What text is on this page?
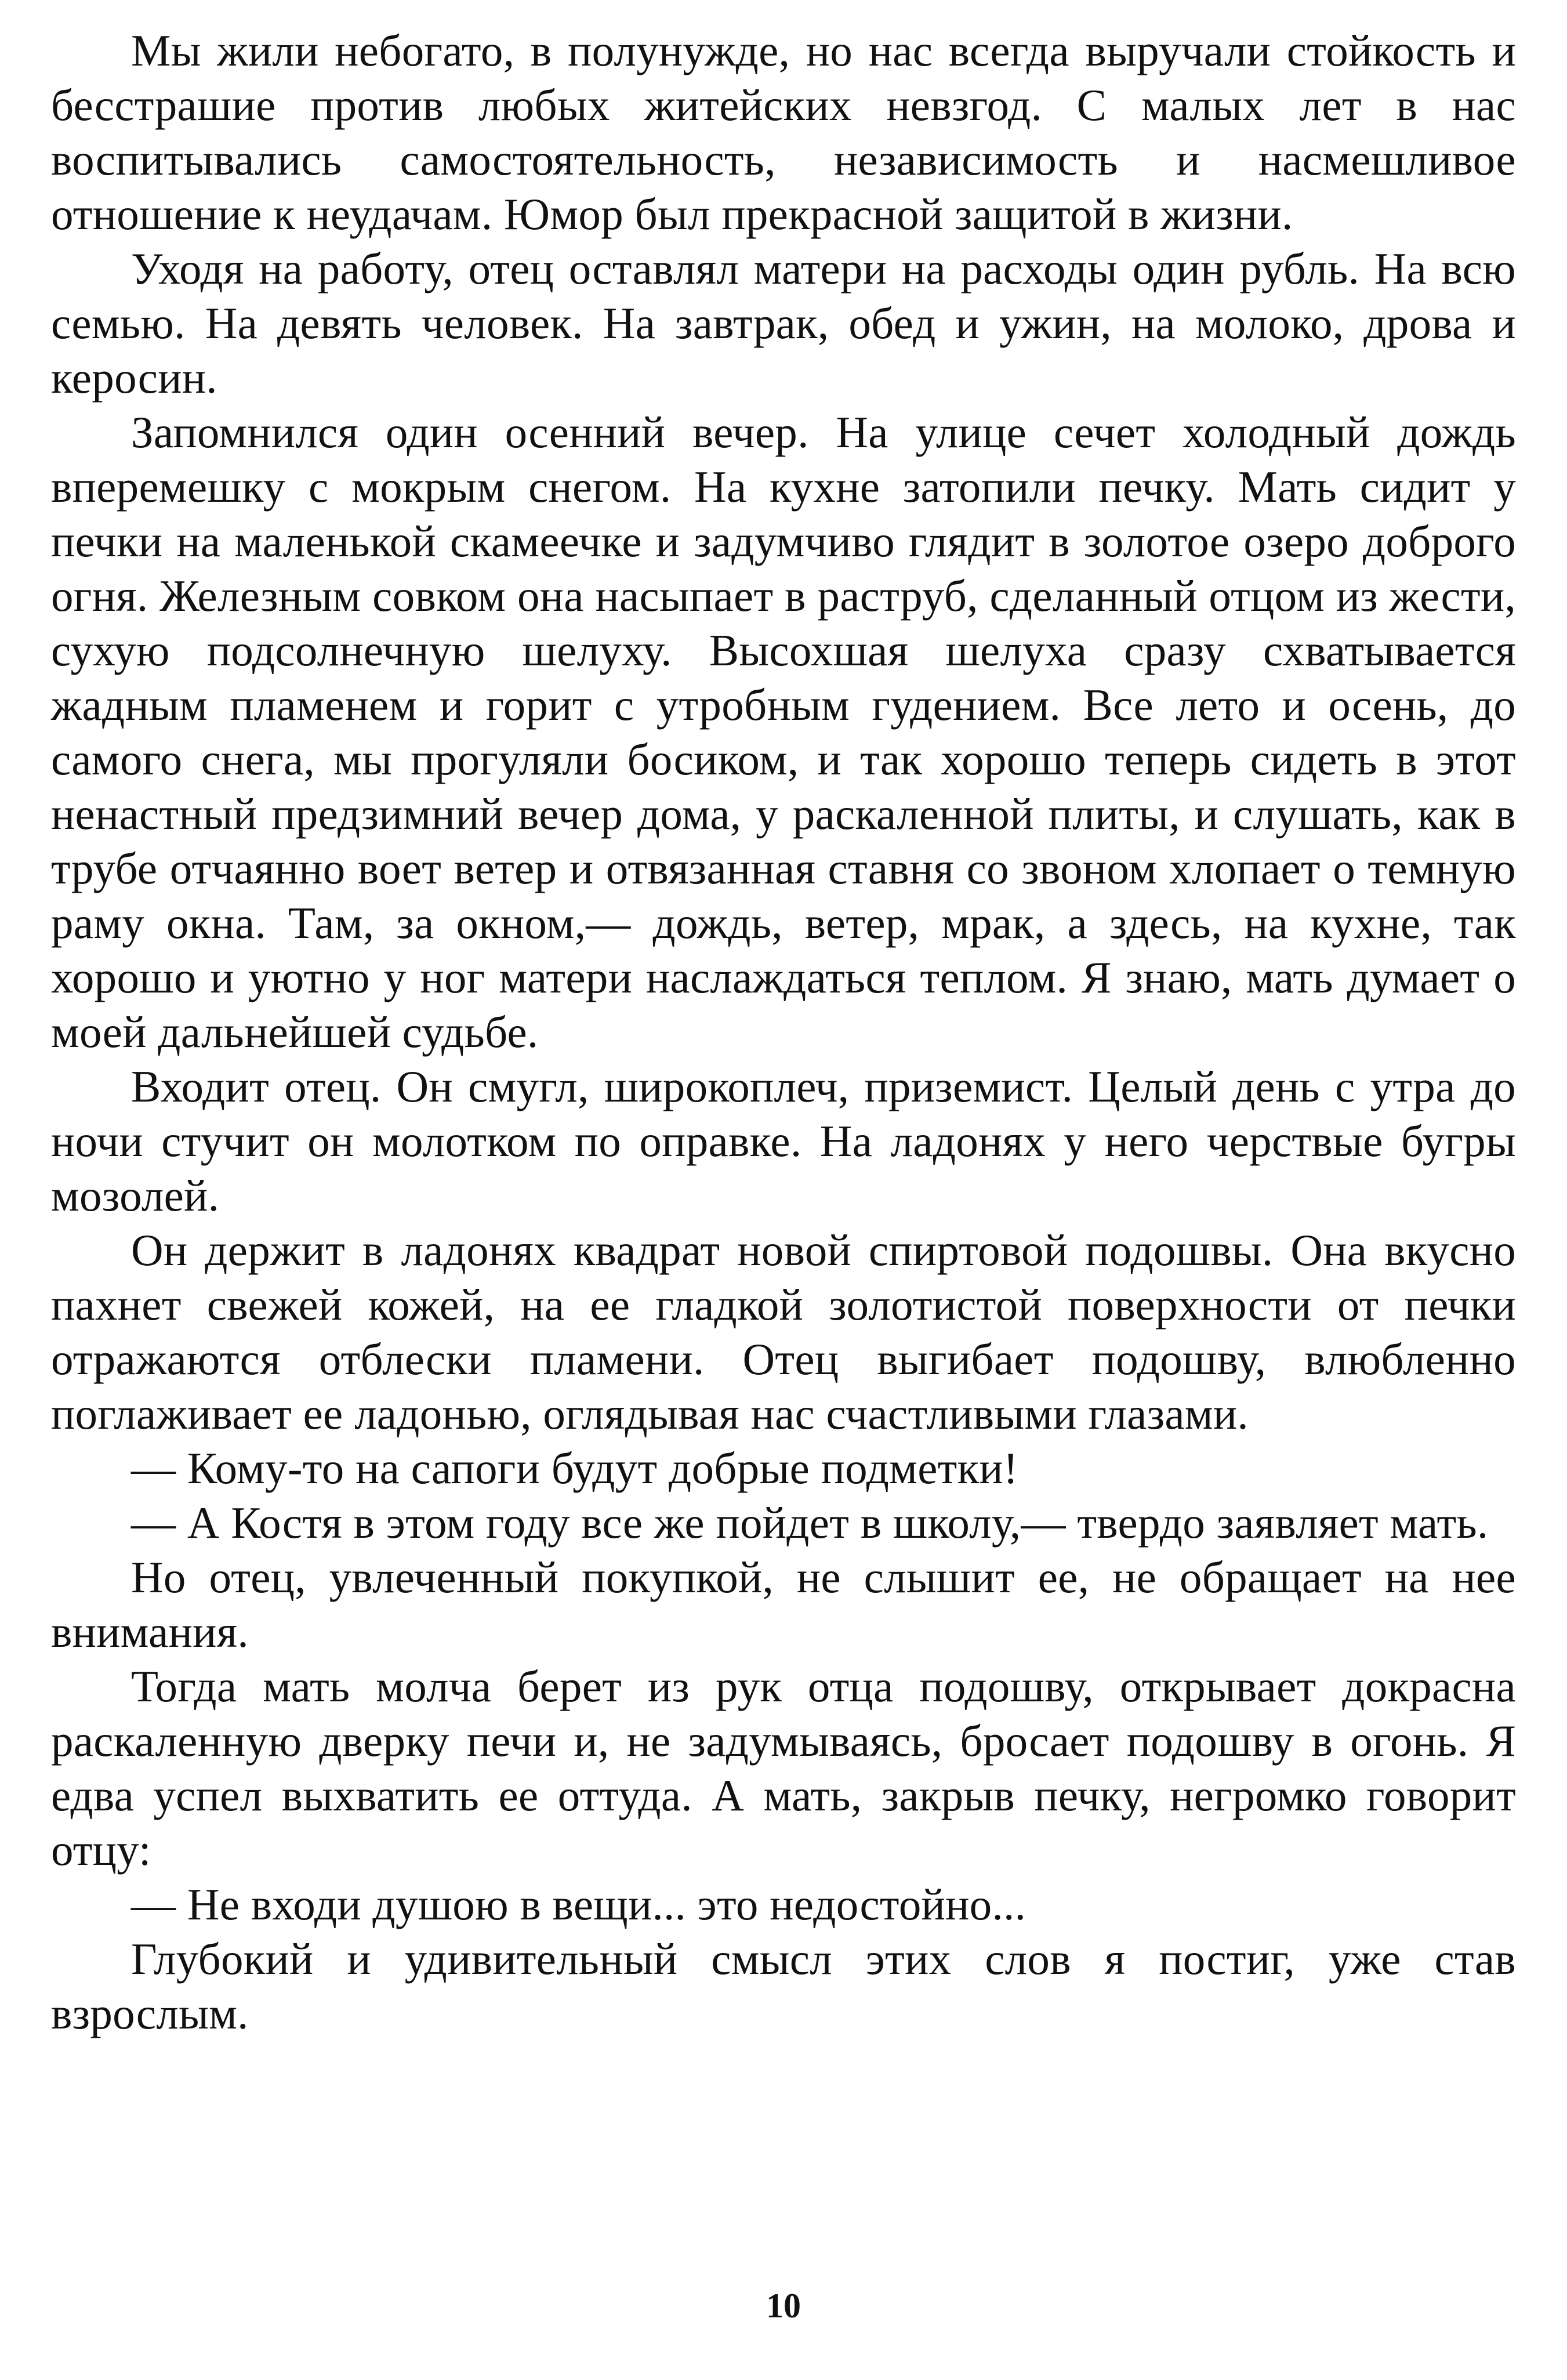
Мы жили небогато, в полунужде, но нас всегда выручали стойкость и бесстрашие против любых житейских невзгод. С малых лет в нас воспитывались самостоятельность, независимость и насмешливое отношение к неудачам. Юмор был прекрасной защитой в жизни.

Уходя на работу, отец оставлял матери на расходы один рубль. На всю семью. На девять человек. На завтрак, обед и ужин, на молоко, дрова и керосин.

Запомнился один осенний вечер. На улице сечет холодный дождь вперемешку с мокрым снегом. На кухне затопили печку. Мать сидит у печки на маленькой скамеечке и задумчиво глядит в золотое озеро доброго огня. Железным совком она насыпает в раструб, сделанный отцом из жести, сухую подсолнечную шелуху. Высохшая шелуха сразу схватывается жадным пламенем и горит с утробным гудением. Все лето и осень, до самого снега, мы прогуляли босиком, и так хорошо теперь сидеть в этот ненастный предзимний вечер дома, у раскаленной плиты, и слушать, как в трубе отчаянно воет ветер и отвязанная ставня со звоном хлопает о темную раму окна. Там, за окном,— дождь, ветер, мрак, а здесь, на кухне, так хорошо и уютно у ног матери наслаждаться теплом. Я знаю, мать думает о моей дальнейшей судьбе.

Входит отец. Он смугл, широкоплеч, приземист. Целый день с утра до ночи стучит он молотком по оправке. На ладонях у него черствые бугры мозолей.

Он держит в ладонях квадрат новой спиртовой подошвы. Она вкусно пахнет свежей кожей, на ее гладкой золотистой поверхности от печки отражаются отблески пламени. Отец выгибает подошву, влюбленно поглаживает ее ладонью, оглядывая нас счастливыми глазами.

— Кому-то на сапоги будут добрые подметки!

— А Костя в этом году все же пойдет в школу,— твердо заявляет мать.

Но отец, увлеченный покупкой, не слышит ее, не обращает на нее внимания.

Тогда мать молча берет из рук отца подошву, открывает докрасна раскаленную дверку печи и, не задумываясь, бросает подошву в огонь. Я едва успел выхватить ее оттуда. А мать, закрыв печку, негромко говорит отцу:

— Не входи душою в вещи... это недостойно...

Глубокий и удивительный смысл этих слов я постиг, уже став взрослым.

10
